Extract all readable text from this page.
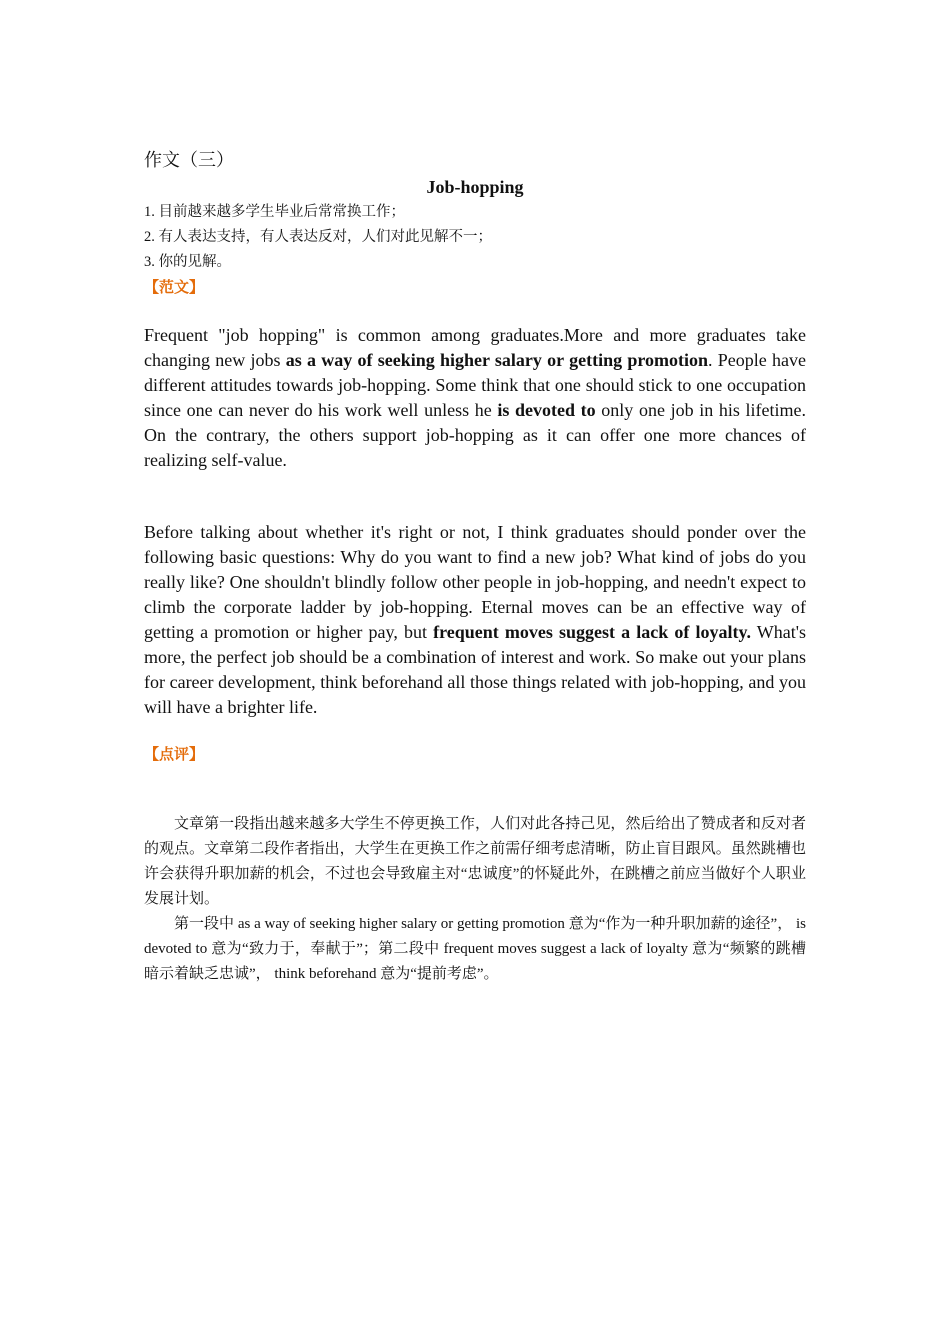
作文（三）

Job-hopping

1. 目前越来越多学生毕业后常常换工作；

2. 有人表达支持，有人表达反对，人们对此见解不一；

3. 你的见解。

【范文】

Frequent "job hopping" is common among graduates.More and more graduates take changing new jobs as a way of seeking higher salary or getting promotion. People have different attitudes towards job-hopping. Some think that one should stick to one occupation since one can never do his work well unless he is devoted to only one job in his lifetime. On the contrary, the others support job-hopping as it can offer one more chances of realizing self-value.

Before talking about whether it's right or not, I think graduates should ponder over the following basic questions: Why do you want to find a new job? What kind of jobs do you really like? One shouldn't blindly follow other people in job-hopping, and needn't expect to climb the corporate ladder by job-hopping. Eternal moves can be an effective way of getting a promotion or higher pay, but frequent moves suggest a lack of loyalty. What's more, the perfect job should be a combination of interest and work. So make out your plans for career development, think beforehand all those things related with job-hopping, and you will have a brighter life.

【点评】

文章第一段指出越来越多大学生不停更换工作，人们对此各持己见，然后给出了赞成者和反对者的观点。文章第二段作者指出，大学生在更换工作之前需仔细考虑清晰，防止盲目跟风。虽然跳槽也许会获得升职加薪的机会，不过也会导致雇主对“忠诚度”的怀疑此外，在跳槽之前应当做好个人职业发展计划。

第一段中 as a way of seeking higher salary or getting promotion 意为“作为一种升职加薪的途径”， is devoted to 意为“致力于，奉献于”；第二段中 frequent moves suggest a lack of loyalty 意为“频繁的跳槽暗示着缺乏忠诚”， think beforehand 意为“提前考虑”。
